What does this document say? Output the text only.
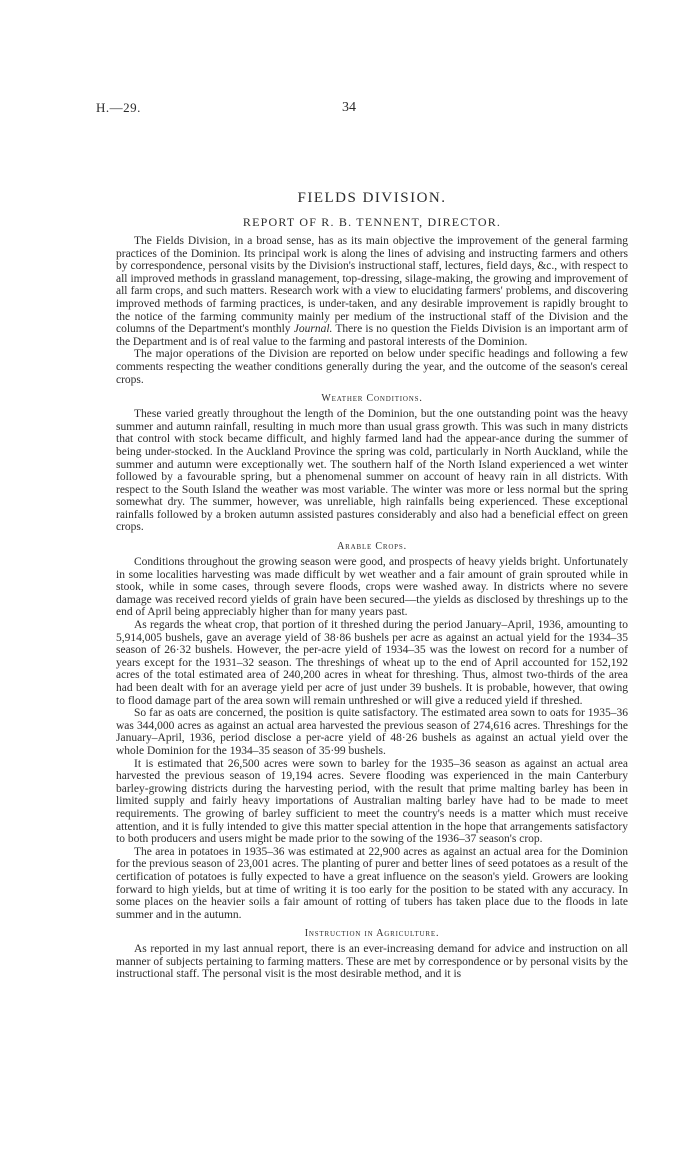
H.—29.	34
FIELDS DIVISION.
REPORT OF R. B. TENNENT, DIRECTOR.

The Fields Division, in a broad sense, has as its main objective the improvement of the general farming practices of the Dominion. Its principal work is along the lines of advising and instructing farmers and others by correspondence, personal visits by the Division's instructional staff, lectures, field days, &c., with respect to all improved methods in grassland management, top-dressing, silage-making, the growing and improvement of all farm crops, and such matters. Research work with a view to elucidating farmers' problems, and discovering improved methods of farming practices, is under-taken, and any desirable improvement is rapidly brought to the notice of the farming community mainly per medium of the instructional staff of the Division and the columns of the Department's monthly Journal. There is no question the Fields Division is an important arm of the Department and is of real value to the farming and pastoral interests of the Dominion.

The major operations of the Division are reported on below under specific headings and following a few comments respecting the weather conditions generally during the year, and the outcome of the season's cereal crops.

Weather Conditions.

These varied greatly throughout the length of the Dominion, but the one outstanding point was the heavy summer and autumn rainfall, resulting in much more than usual grass growth. This was such in many districts that control with stock became difficult, and highly farmed land had the appear-ance during the summer of being under-stocked. In the Auckland Province the spring was cold, particularly in North Auckland, while the summer and autumn were exceptionally wet. The southern half of the North Island experienced a wet winter followed by a favourable spring, but a phenomenal summer on account of heavy rain in all districts. With respect to the South Island the weather was most variable. The winter was more or less normal but the spring somewhat dry. The summer, however, was unreliable, high rainfalls being experienced. These exceptional rainfalls followed by a broken autumn assisted pastures considerably and also had a beneficial effect on green crops.

Arable Crops.

Conditions throughout the growing season were good, and prospects of heavy yields bright. Unfortunately in some localities harvesting was made difficult by wet weather and a fair amount of grain sprouted while in stook, while in some cases, through severe floods, crops were washed away. In districts where no severe damage was received record yields of grain have been secured—the yields as disclosed by threshings up to the end of April being appreciably higher than for many years past.

As regards the wheat crop, that portion of it threshed during the period January–April, 1936, amounting to 5,914,005 bushels, gave an average yield of 38·86 bushels per acre as against an actual yield for the 1934–35 season of 26·32 bushels. However, the per-acre yield of 1934–35 was the lowest on record for a number of years except for the 1931–32 season. The threshings of wheat up to the end of April accounted for 152,192 acres of the total estimated area of 240,200 acres in wheat for threshing. Thus, almost two-thirds of the area had been dealt with for an average yield per acre of just under 39 bushels. It is probable, however, that owing to flood damage part of the area sown will remain unthreshed or will give a reduced yield if threshed.

So far as oats are concerned, the position is quite satisfactory. The estimated area sown to oats for 1935–36 was 344,000 acres as against an actual area harvested the previous season of 274,616 acres. Threshings for the January–April, 1936, period disclose a per-acre yield of 48·26 bushels as against an actual yield over the whole Dominion for the 1934–35 season of 35·99 bushels.

It is estimated that 26,500 acres were sown to barley for the 1935–36 season as against an actual area harvested the previous season of 19,194 acres. Severe flooding was experienced in the main Canterbury barley-growing districts during the harvesting period, with the result that prime malting barley has been in limited supply and fairly heavy importations of Australian malting barley have had to be made to meet requirements. The growing of barley sufficient to meet the country's needs is a matter which must receive attention, and it is fully intended to give this matter special attention in the hope that arrangements satisfactory to both producers and users might be made prior to the sowing of the 1936–37 season's crop.

The area in potatoes in 1935–36 was estimated at 22,900 acres as against an actual area for the Dominion for the previous season of 23,001 acres. The planting of purer and better lines of seed potatoes as a result of the certification of potatoes is fully expected to have a great influence on the season's yield. Growers are looking forward to high yields, but at time of writing it is too early for the position to be stated with any accuracy. In some places on the heavier soils a fair amount of rotting of tubers has taken place due to the floods in late summer and in the autumn.

Instruction in Agriculture.

As reported in my last annual report, there is an ever-increasing demand for advice and instruction on all manner of subjects pertaining to farming matters. These are met by correspondence or by personal visits by the instructional staff. The personal visit is the most desirable method, and it is
